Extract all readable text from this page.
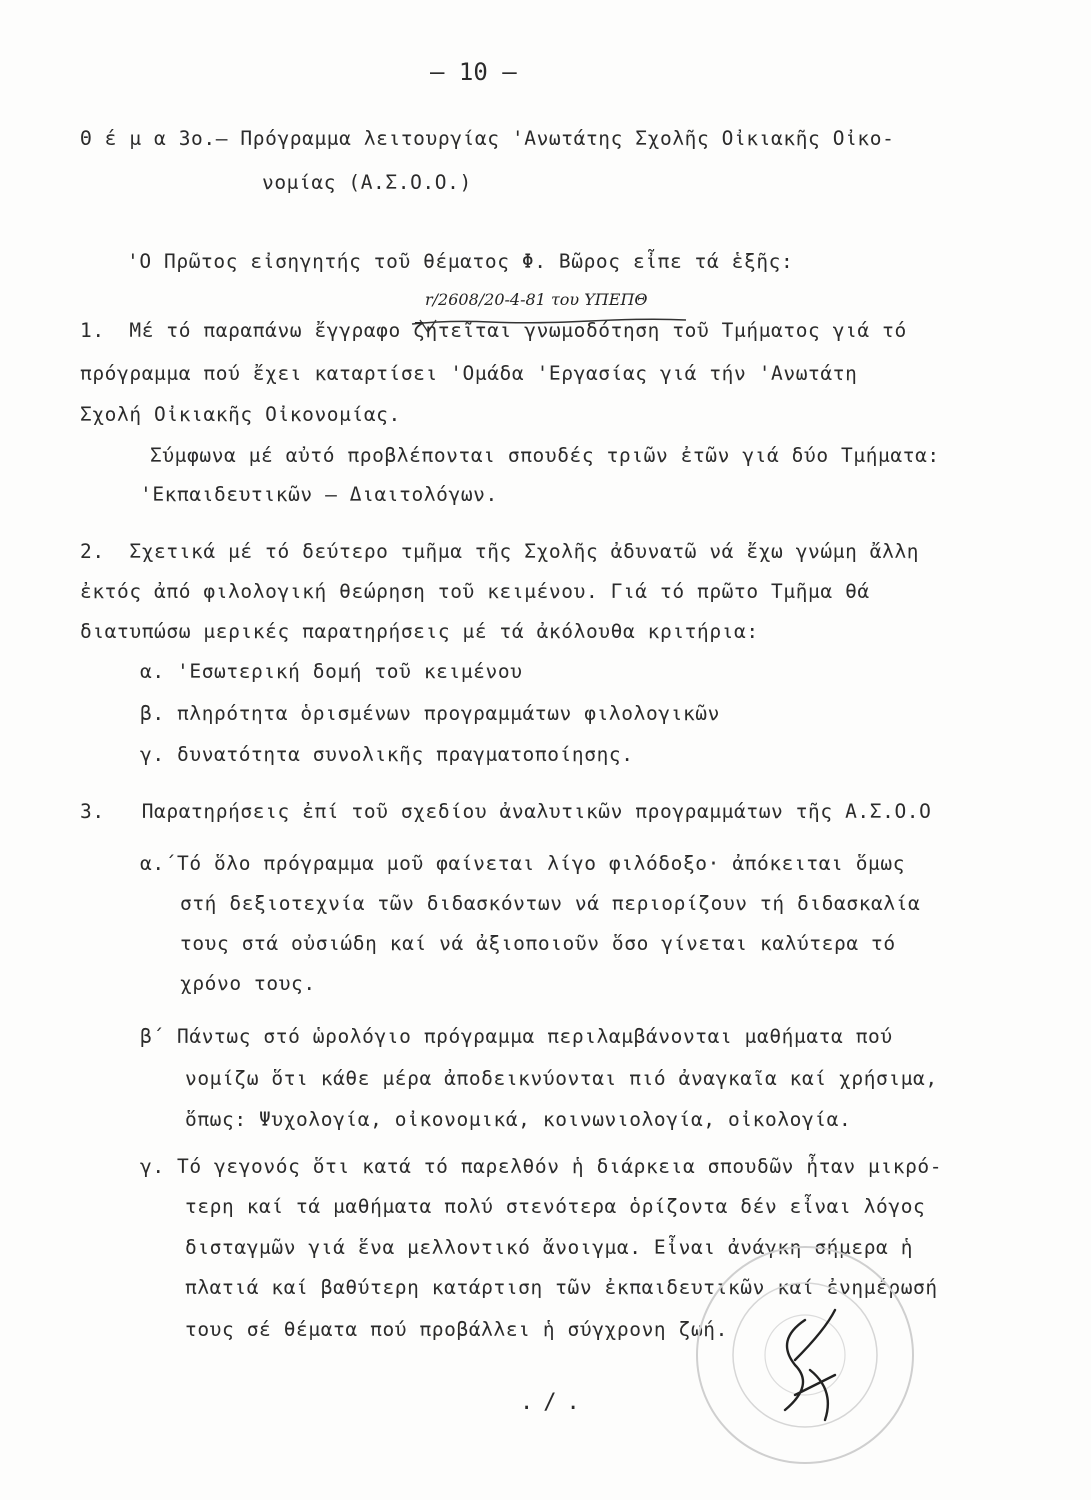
– 10 –
r/2608/20-4-81 του ΥΠΕΠΘ
Θ έ μ α 3ο.– Πρόγραμμα λειτουργίας 'Ανωτάτης Σχολῆς Οἰκιακῆς Οἰκο-
νομίας (Α.Σ.Ο.Ο.)
'Ο Πρῶτος εἰσηγητής τοῦ θέματος Φ. Βῶρος εἶπε τά ἑξῆς:
1.  Μέ τό παραπάνω ἔγγραφο ζητεῖται γνωμοδότηση τοῦ Τμήματος γιά τό
πρόγραμμα πού ἔχει καταρτίσει 'Ομάδα 'Εργασίας γιά τήν 'Ανωτάτη
Σχολή Οἰκιακῆς Οἰκονομίας.
Σύμφωνα μέ αὐτό προβλέπονται σπουδές τριῶν ἐτῶν γιά δύο Τμήματα:
'Εκπαιδευτικῶν – Διαιτολόγων.
2.  Σχετικά μέ τό δεύτερο τμῆμα τῆς Σχολῆς ἀδυνατῶ νά ἔχω γνώμη ἄλλη
ἐκτός ἀπό φιλολογική θεώρηση τοῦ κειμένου. Γιά τό πρῶτο Τμῆμα θά
διατυπώσω μερικές παρατηρήσεις μέ τά ἀκόλουθα κριτήρια:
α. 'Εσωτερική δομή τοῦ κειμένου
β. πληρότητα ὁρισμένων προγραμμάτων φιλολογικῶν
γ. δυνατότητα συνολικῆς πραγματοποίησης.
3.   Παρατηρήσεις ἐπί τοῦ σχεδίου ἀναλυτικῶν προγραμμάτων τῆς Α.Σ.Ο.Ο
α.´Τό ὅλο πρόγραμμα μοῦ φαίνεται λίγο φιλόδοξο· ἀπόκειται ὅμως
στή δεξιοτεχνία τῶν διδασκόντων νά περιορίζουν τή διδασκαλία
τους στά οὐσιώδη καί νά ἀξιοποιοῦν ὅσο γίνεται καλύτερα τό
χρόνο τους.
β´ Πάντως στό ὡρολόγιο πρόγραμμα περιλαμβάνονται μαθήματα πού
νομίζω ὅτι κάθε μέρα ἀποδεικνύονται πιό ἀναγκαῖα καί χρήσιμα,
ὅπως: Ψυχολογία, οἰκονομικά, κοινωνιολογία, οἰκολογία.
γ. Τό γεγονός ὅτι κατά τό παρελθόν ἡ διάρκεια σπουδῶν ἦταν μικρό-
τερη καί τά μαθήματα πολύ στενότερα ὁρίζοντα δέν εἶναι λόγος
δισταγμῶν γιά ἕνα μελλοντικό ἄνοιγμα. Εἶναι ἀνάγκη σήμερα ἡ
πλατιά καί βαθύτερη κατάρτιση τῶν ἐκπαιδευτικῶν καί ἐνημέρωσή
τους σέ θέματα πού προβάλλει ἡ σύγχρονη ζωή.
./.
